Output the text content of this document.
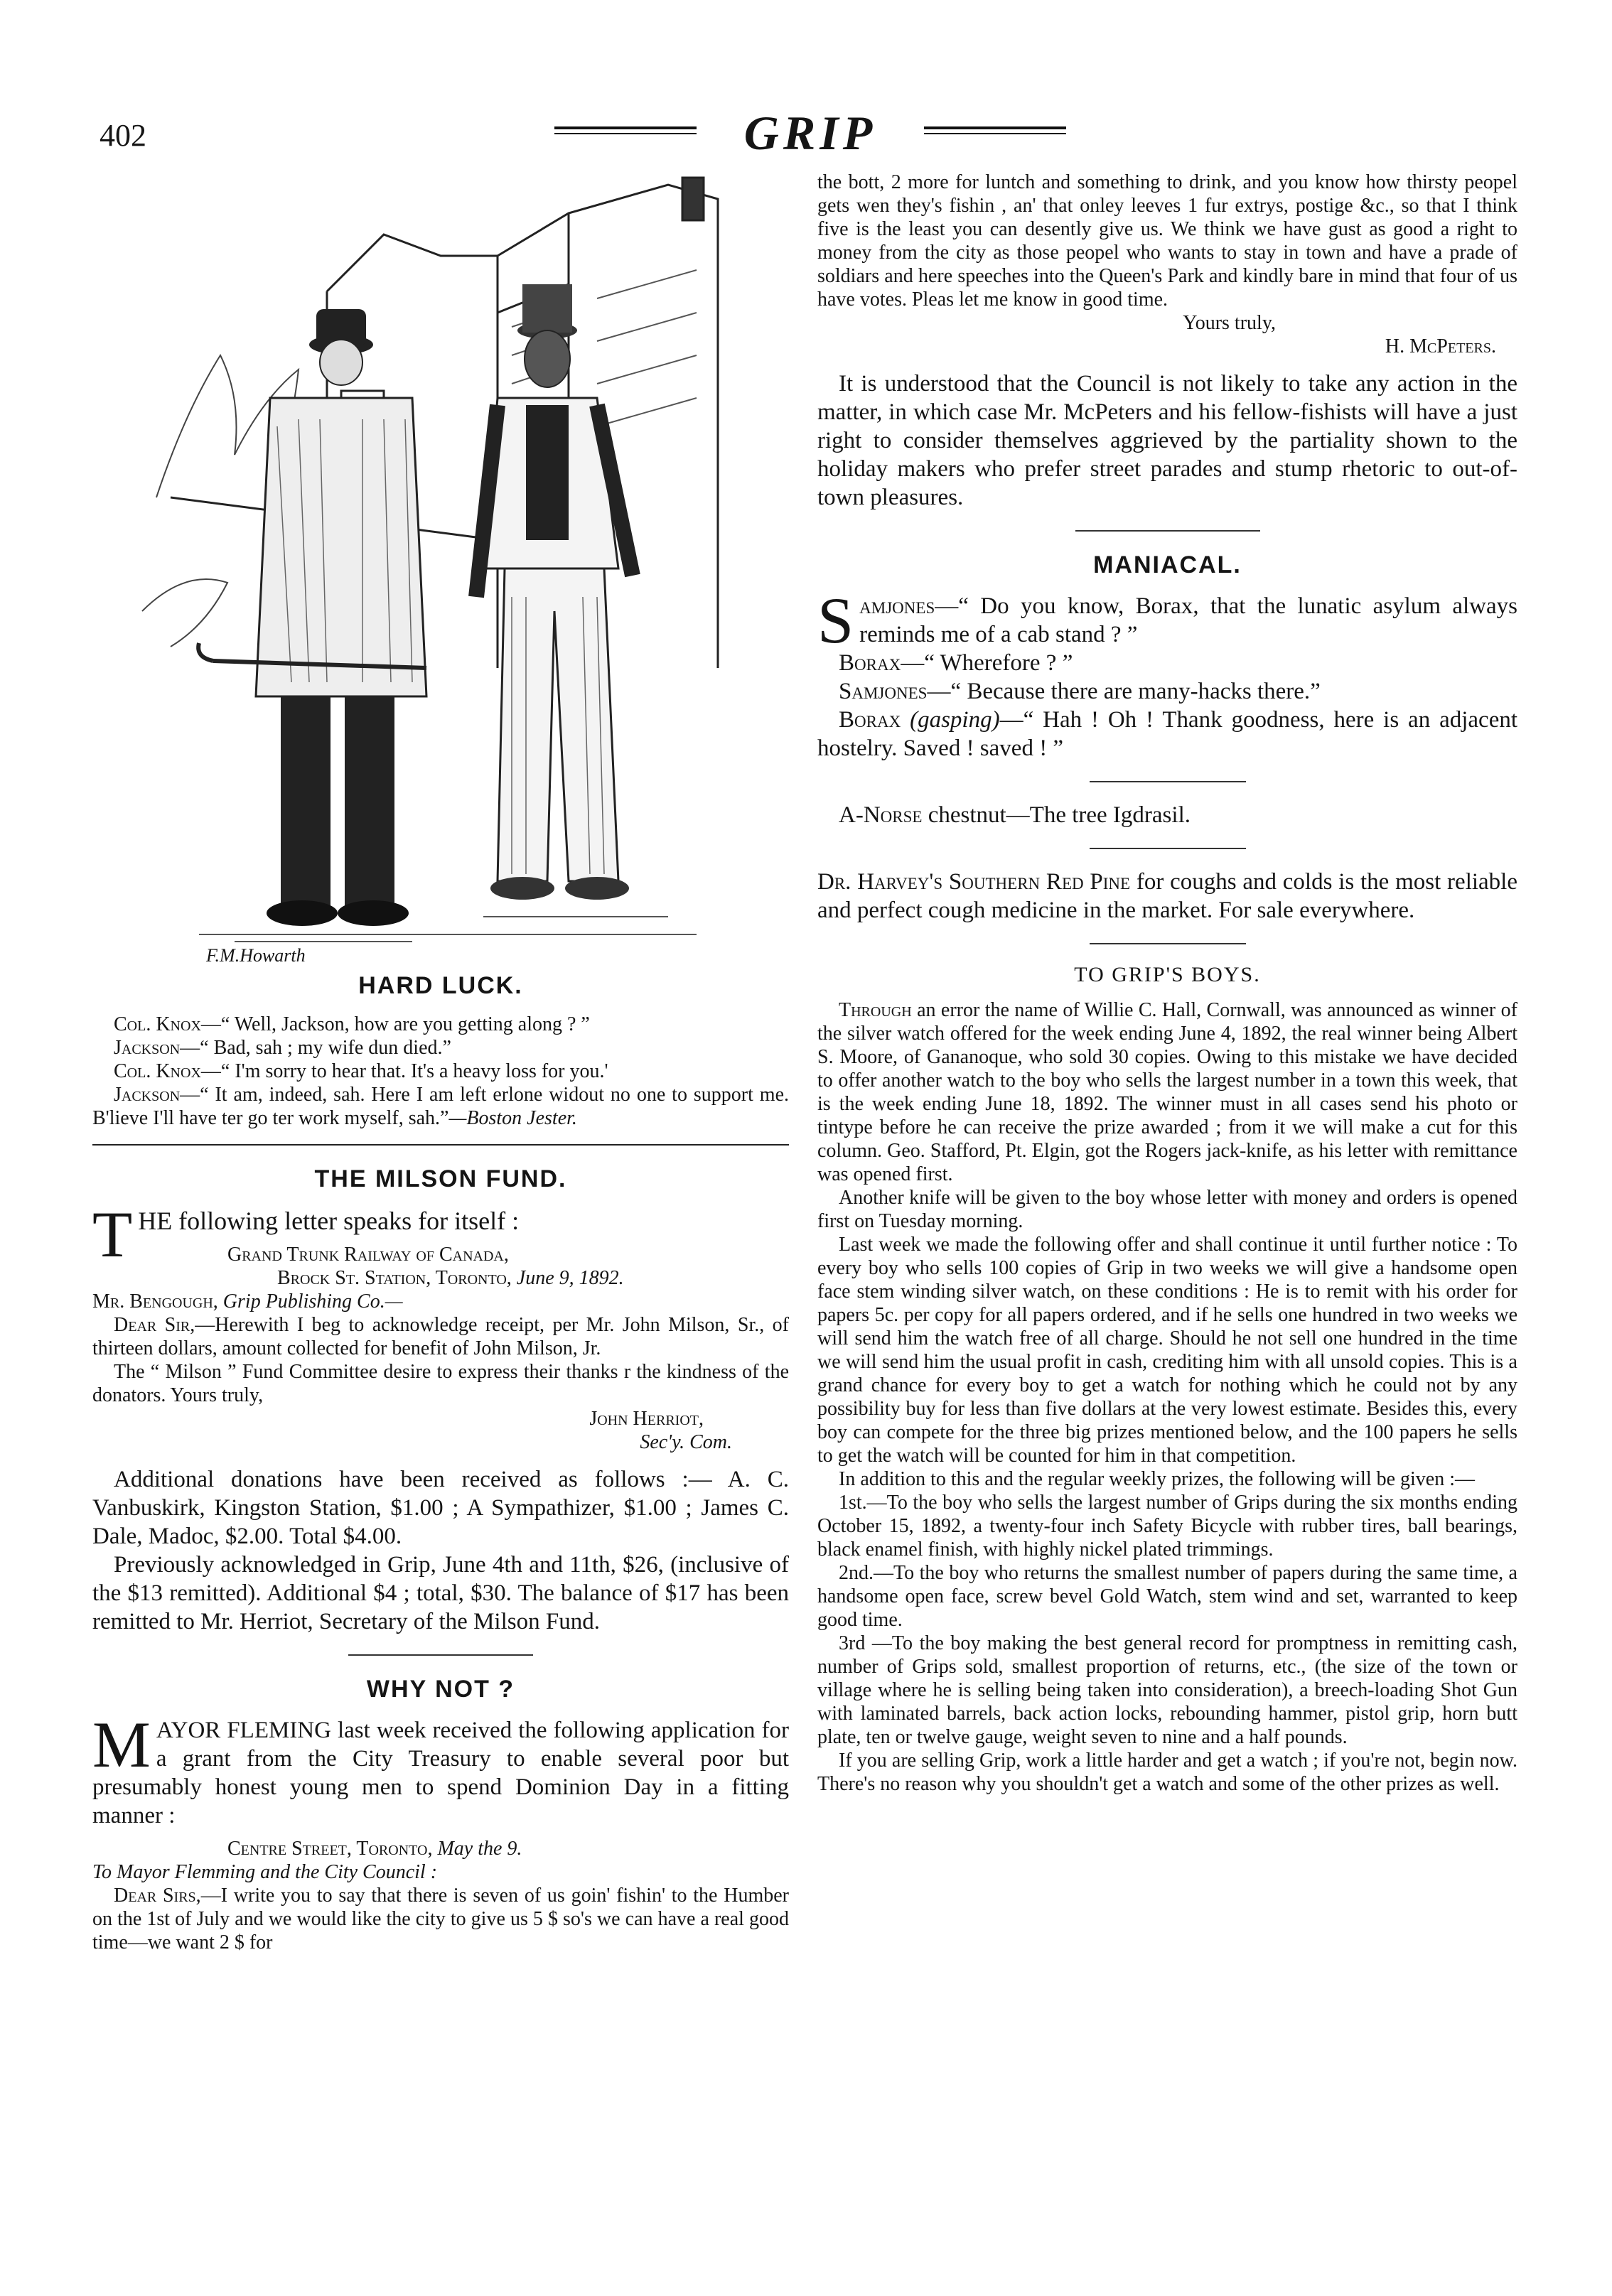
402	GRIP
F.M.Howarth
HARD LUCK.

Col. Knox—“ Well, Jackson, how are you getting along ? ”

Jackson—“ Bad, sah ; my wife dun died.”

Col. Knox—“ I'm sorry to hear that. It's a heavy loss for you.'

Jackson—“ It am, indeed, sah. Here I am left erlone widout no one to support me. B'lieve I'll have ter go ter work myself, sah.”—Boston Jester.

THE MILSON FUND.

THE following letter speaks for itself :

Grand Trunk Railway of Canada,

Brock St. Station, Toronto, June 9, 1892.

Mr. Bengough, Grip Publishing Co.—

Dear Sir,—Herewith I beg to acknowledge receipt, per Mr. John Milson, Sr., of thirteen dollars, amount collected for benefit of John Milson, Jr.

The “ Milson ” Fund Committee desire to express their thanks r the kindness of the donators. Yours truly,

John Herriot,

Sec'y. Com.

Additional donations have been received as follows :— A. C. Vanbuskirk, Kingston Station, $1.00 ; A Sympathizer, $1.00 ; James C. Dale, Madoc, $2.00. Total $4.00.

Previously acknowledged in Grip, June 4th and 11th, $26, (inclusive of the $13 remitted). Additional $4 ; total, $30. The balance of $17 has been remitted to Mr. Herriot, Secretary of the Milson Fund.

WHY NOT ?

MAYOR FLEMING last week received the following application for a grant from the City Treasury to enable several poor but presumably honest young men to spend Dominion Day in a fitting manner :

Centre Street, Toronto, May the 9.

To Mayor Flemming and the City Council :

Dear Sirs,—I write you to say that there is seven of us goin' fishin' to the Humber on the 1st of July and we would like the city to give us 5 $ so's we can have a real good time—we want 2 $ for

the bott, 2 more for luntch and something to drink, and you know how thirsty peopel gets wen they's fishin , an' that onley leeves 1 fur extrys, postige &c., so that I think five is the least you can desently give us. We think we have gust as good a right to money from the city as those peopel who wants to stay in town and have a prade of soldiars and here speeches into the Queen's Park and kindly bare in mind that four of us have votes. Pleas let me know in good time.

Yours truly,

H. McPeters.

It is understood that the Council is not likely to take any action in the matter, in which case Mr. McPeters and his fellow-fishists will have a just right to consider themselves aggrieved by the partiality shown to the holiday makers who prefer street parades and stump rhetoric to out-of-town pleasures.

MANIACAL.

Samjones—“ Do you know, Borax, that the lunatic asylum always reminds me of a cab stand ? ”

Borax—“ Wherefore ? ”

Samjones—“ Because there are many-hacks there.”

Borax (gasping)—“ Hah ! Oh ! Thank goodness, here is an adjacent hostelry. Saved ! saved ! ”

A-Norse chestnut—The tree Igdrasil.

Dr. Harvey's Southern Red Pine for coughs and colds is the most reliable and perfect cough medicine in the market. For sale everywhere.

TO GRIP'S BOYS.

Through an error the name of Willie C. Hall, Cornwall, was announced as winner of the silver watch offered for the week ending June 4, 1892, the real winner being Albert S. Moore, of Gananoque, who sold 30 copies. Owing to this mistake we have decided to offer another watch to the boy who sells the largest number in a town this week, that is the week ending June 18, 1892. The winner must in all cases send his photo or tintype before he can receive the prize awarded ; from it we will make a cut for this column. Geo. Stafford, Pt. Elgin, got the Rogers jack-knife, as his letter with remittance was opened first.

Another knife will be given to the boy whose letter with money and orders is opened first on Tuesday morning.

Last week we made the following offer and shall continue it until further notice : To every boy who sells 100 copies of Grip in two weeks we will give a handsome open face stem winding silver watch, on these conditions : He is to remit with his order for papers 5c. per copy for all papers ordered, and if he sells one hundred in two weeks we will send him the watch free of all charge. Should he not sell one hundred in the time we will send him the usual profit in cash, crediting him with all unsold copies. This is a grand chance for every boy to get a watch for nothing which he could not by any possibility buy for less than five dollars at the very lowest estimate. Besides this, every boy can compete for the three big prizes mentioned below, and the 100 papers he sells to get the watch will be counted for him in that competition.

In addition to this and the regular weekly prizes, the following will be given :—

1st.—To the boy who sells the largest number of Grips during the six months ending October 15, 1892, a twenty-four inch Safety Bicycle with rubber tires, ball bearings, black enamel finish, with highly nickel plated trimmings.

2nd.—To the boy who returns the smallest number of papers during the same time, a handsome open face, screw bevel Gold Watch, stem wind and set, warranted to keep good time.

3rd —To the boy making the best general record for promptness in remitting cash, number of Grips sold, smallest proportion of returns, etc., (the size of the town or village where he is selling being taken into consideration), a breech-loading Shot Gun with laminated barrels, back action locks, rebounding hammer, pistol grip, horn butt plate, ten or twelve gauge, weight seven to nine and a half pounds.

If you are selling Grip, work a little harder and get a watch ; if you're not, begin now. There's no reason why you shouldn't get a watch and some of the other prizes as well.
